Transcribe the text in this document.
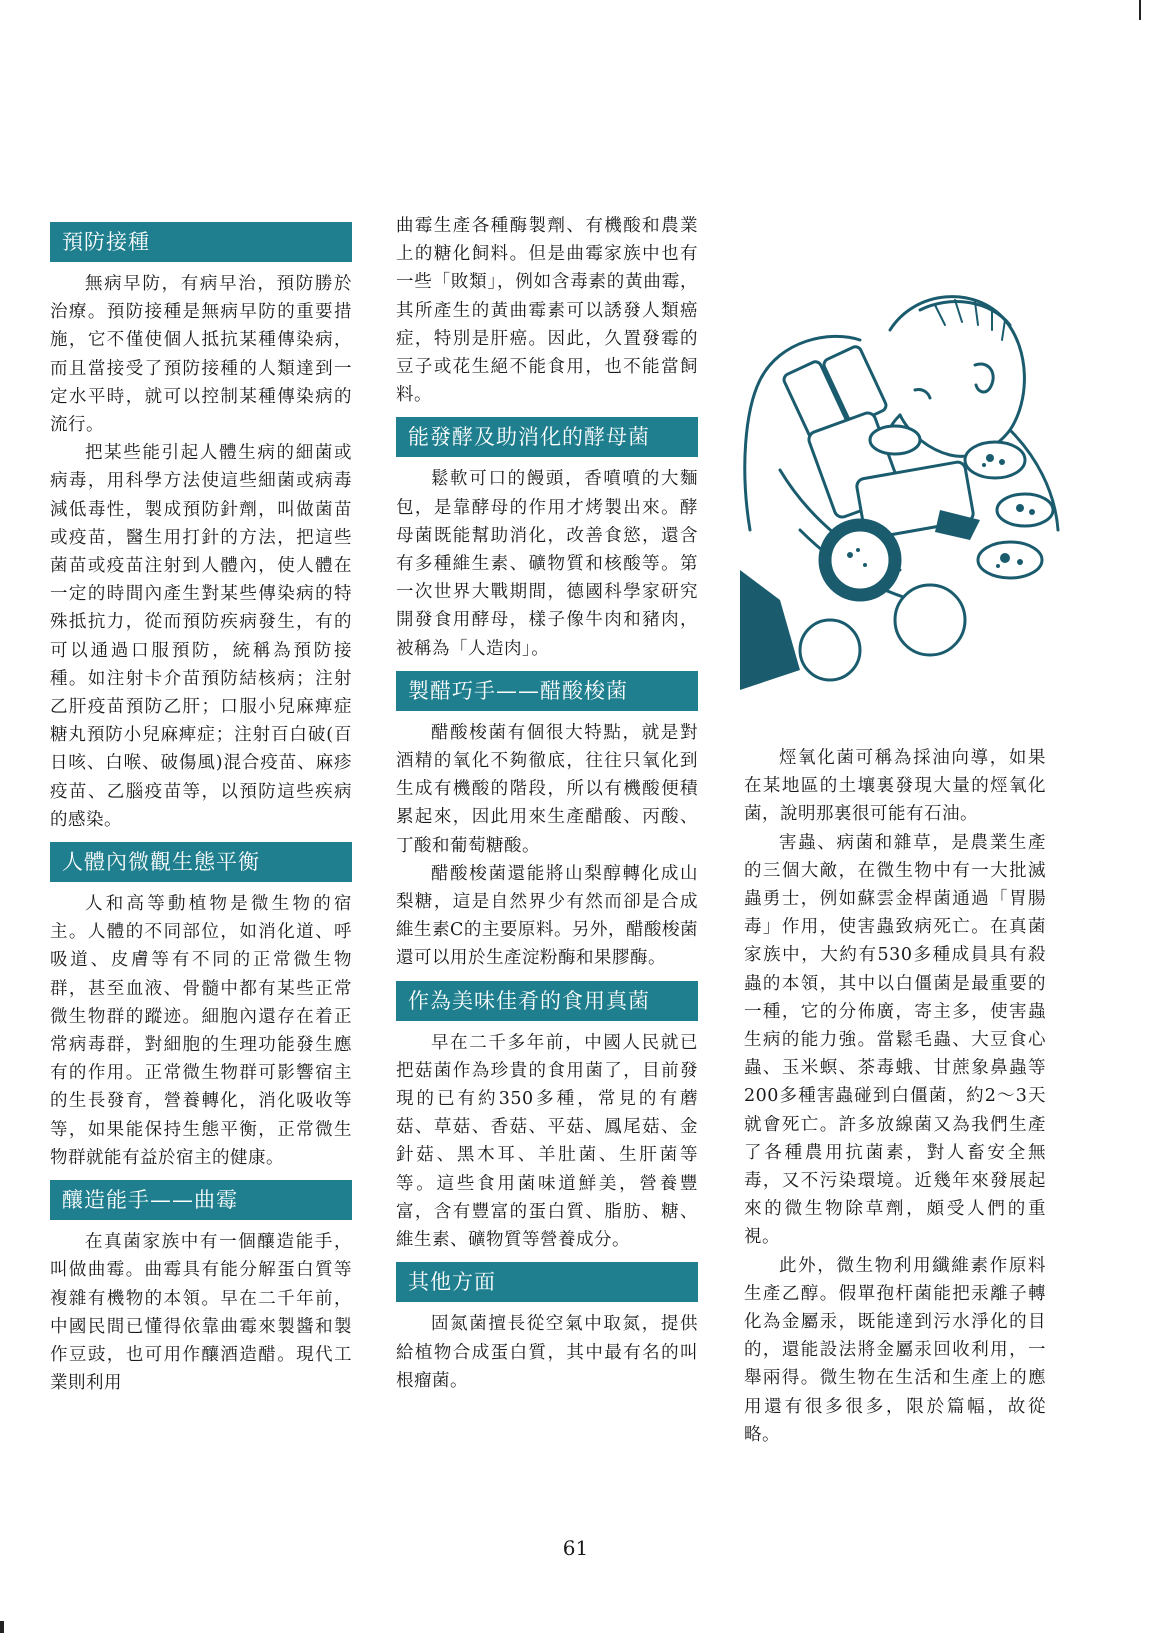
預防接種

無病早防，有病早治，預防勝於治療。預防接種是無病早防的重要措施，它不僅使個人抵抗某種傳染病，而且當接受了預防接種的人類達到一定水平時，就可以控制某種傳染病的流行。

把某些能引起人體生病的細菌或病毒，用科學方法使這些細菌或病毒減低毒性，製成預防針劑，叫做菌苗或疫苗，醫生用打針的方法，把這些菌苗或疫苗注射到人體內，使人體在一定的時間內產生對某些傳染病的特殊抵抗力，從而預防疾病發生，有的可以通過口服預防，統稱為預防接種。如注射卡介苗預防結核病；注射乙肝疫苗預防乙肝；口服小兒麻痺症糖丸預防小兒麻痺症；注射百白破(百日咳、白喉、破傷風)混合疫苗、麻疹疫苗、乙腦疫苗等，以預防這些疾病的感染。

人體內微觀生態平衡

人和高等動植物是微生物的宿主。人體的不同部位，如消化道、呼吸道、皮膚等有不同的正常微生物群，甚至血液、骨髓中都有某些正常微生物群的蹤迹。細胞內還存在着正常病毒群，對細胞的生理功能發生應有的作用。正常微生物群可影響宿主的生長發育，營養轉化，消化吸收等等，如果能保持生態平衡，正常微生物群就能有益於宿主的健康。

釀造能手——曲霉

在真菌家族中有一個釀造能手，叫做曲霉。曲霉具有能分解蛋白質等複雜有機物的本領。早在二千年前，中國民間已懂得依靠曲霉來製醬和製作豆豉，也可用作釀酒造醋。現代工業則利用

曲霉生產各種酶製劑、有機酸和農業上的糖化飼料。但是曲霉家族中也有一些「敗類」，例如含毒素的黃曲霉，其所產生的黃曲霉素可以誘發人類癌症，特別是肝癌。因此，久置發霉的豆子或花生絕不能食用，也不能當飼料。

能發酵及助消化的酵母菌

鬆軟可口的饅頭，香噴噴的大麵包，是靠酵母的作用才烤製出來。酵母菌既能幫助消化，改善食慾，還含有多種維生素、礦物質和核酸等。第一次世界大戰期間，德國科學家研究開發食用酵母，樣子像牛肉和豬肉，被稱為「人造肉」。

製醋巧手——醋酸梭菌

醋酸梭菌有個很大特點，就是對酒精的氧化不夠徹底，往往只氧化到生成有機酸的階段，所以有機酸便積累起來，因此用來生產醋酸、丙酸、丁酸和葡萄糖酸。

醋酸梭菌還能將山梨醇轉化成山梨糖，這是自然界少有然而卻是合成維生素C的主要原料。另外，醋酸梭菌還可以用於生產淀粉酶和果膠酶。

作為美味佳肴的食用真菌

早在二千多年前，中國人民就已把菇菌作為珍貴的食用菌了，目前發現的已有約350多種，常見的有蘑菇、草菇、香菇、平菇、鳳尾菇、金針菇、黑木耳、羊肚菌、生肝菌等等。這些食用菌味道鮮美，營養豐富，含有豐富的蛋白質、脂肪、糖、維生素、礦物質等營養成分。

其他方面

固氮菌擅長從空氣中取氮，提供給植物合成蛋白質，其中最有名的叫根瘤菌。

烴氧化菌可稱為採油向導，如果在某地區的土壤裏發現大量的烴氧化菌，說明那裏很可能有石油。

害蟲、病菌和雜草，是農業生產的三個大敵，在微生物中有一大批滅蟲勇士，例如蘇雲金桿菌通過「胃腸毒」作用，使害蟲致病死亡。在真菌家族中，大約有530多種成員具有殺蟲的本領，其中以白僵菌是最重要的一種，它的分佈廣，寄主多，使害蟲生病的能力強。當鬆毛蟲、大豆食心蟲、玉米螟、茶毒蛾、甘蔗象鼻蟲等200多種害蟲碰到白僵菌，約2～3天就會死亡。許多放線菌又為我們生產了各種農用抗菌素，對人畜安全無毒，又不污染環境。近幾年來發展起來的微生物除草劑，頗受人們的重視。

此外，微生物利用纖維素作原料生產乙醇。假單孢杆菌能把汞離子轉化為金屬汞，既能達到污水淨化的目的，還能設法將金屬汞回收利用，一舉兩得。微生物在生活和生產上的應用還有很多很多，限於篇幅，故從略。

61
